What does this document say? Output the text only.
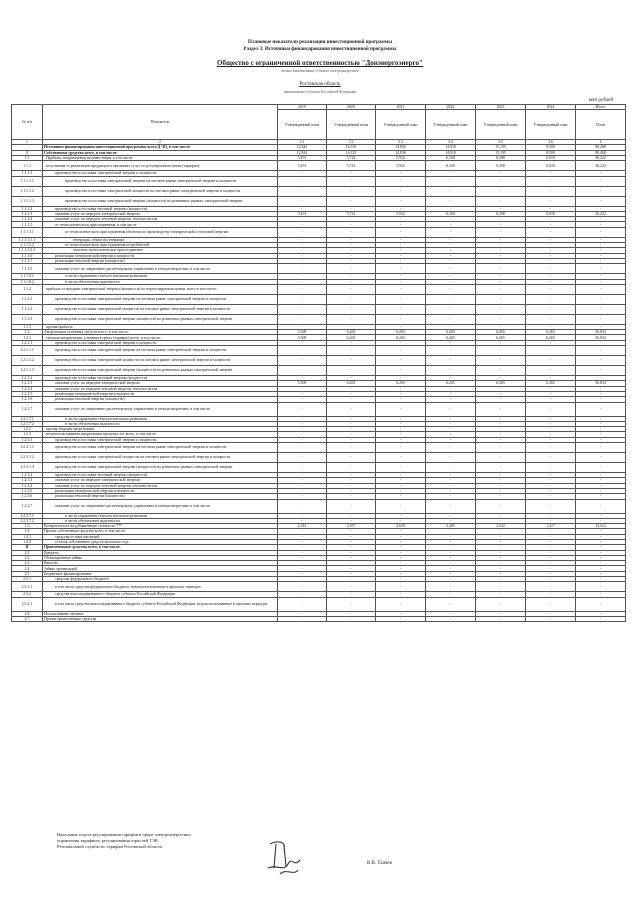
Плановые показатели реализации инвестиционной программы
Раздел 3. Источники финансирования инвестиционной программы
Общество с ограниченной ответственностью "Донэнергоэнерго"
полное наименование субъекта электроэнергетики
Ростовская область
наименование субъекта Российской Федерации
млн рублей
№ п/п	Показатель	2019	2020	2021	2022	2023	2024	Итого
		Утвержденный план	Утвержденный план	Утвержденный план	Утвержденный план	Утвержденный план	Утвержденный план	План
1	2	3.1	3.2	3.3	3.4	3.5	3.6	4
	Источники финансирования инвестиционной программы всего (I+II), в том числе:	12,842	14,335	14,836	14,910	15,195	8,500	80,468
I	Собственные средства всего, в том числе:	12,842	14,335	14,836	14,910	15,195	8,500	80,468
1.1	Прибыль, направляемая на инвестиции, в том числе:	5,491	5,723	5,932	6,169	6,398	0,818	30,222
1.1.1	полученная от реализации продукции и оказанных услуг по регулируемым ценам (тарифам):	5,491	5,723	5,932	6,169	6,398	0,818	30,222
1.1.1.1	производство и поставка электрической энергии и мощности	-	-	-	-	-	-	-
1.1.1.1.1	производство и поставка электрической энергии на оптовом рынке электрической энергии и мощности	-	-	-	-	-	-	-
1.1.1.1.2	производство и поставка электрической мощности на оптовом рынке электрической энергии и мощности	-	-	-	-	-	-	-
1.1.1.1.3	производство и поставка электрической энергии (мощности) на розничных рынках электрической энергии	-	-	-	-	-	-	-
1.1.1.2	производство и поставка тепловой энергии (мощности)	-	-	-	-	-	-	-
1.1.1.3	оказание услуг по передаче электрической энергии	5,491	5,723	5,932	6,169	6,398	0,818	30,222
1.1.1.4	оказание услуг по передаче тепловой энергии, теплоносителя	-	-	-	-	-	-	-
1.1.1.5	от технологического присоединения, в том числе	-	-	-	-	-	-	-
1.1.1.5.1	от технологического присоединения объектов по производству электрической и тепловой энергии	-	-	-	-	-	-	-
1.1.1.5.1.1	генерация, объектов генерации	-	-	-	-	-	-	-
1.1.1.5.2	от технологического присоединения потребителей	-	-	-	-	-	-	-
1.1.1.5.2.1	льготное технологическое присоединение	-	-	-	-	-	-	-
1.1.1.6	реализация электрической энергии и мощности	-	-	-	-	-	-	-
1.1.1.7	реализация тепловой энергии (мощности)	-	-	-	-	-	-	-
1.1.1.8	оказание услуг по оперативно-диспетчерскому управлению в электроэнергетике, в том числе:	-	-	-	-	-	-	-
1.1.1.8.1	в части управления технологическими режимами	-	-	-	-	-	-	-
1.1.1.8.2	в части обеспечения надежности	-	-	-	-	-	-	-
1.1.2	прибыль от продажи электрической энергии (мощности) по нерегулируемым ценам, всего в том числе:	-	-	-	-	-	-	-
1.1.2.1	производство и поставка электрической энергии на оптовом рынке электрической энергии и мощности	-	-	-	-	-	-	-
1.1.2.2	производство и поставка электрической мощности на оптовом рынке электрической энергии и мощности	-	-	-	-	-	-	-
1.1.2.3	производство и поставка электрической энергии (мощности) на розничных рынках электрической энергии	-	-	-	-	-	-	-
1.1.3	прочая прибыль	-	-	-	-	-	-	-
1.2	Амортизация основных средств всего, в том числе:	5,509	6,265	6,265	6,265	6,265	6,265	36,834
1.2.1	текущая амортизация, учтенная в ценах (тарифах) всего, в том числе:	5,509	6,265	6,265	6,265	6,265	6,265	36,834
1.2.1.1	производство и поставка электрической энергии и мощности	-	-	-	-	-	-	-
1.2.1.1.1	производство и поставка электрической энергии на оптовом рынке электрической энергии и мощности	-	-	-	-	-	-	-
1.2.1.1.2	производство и поставка электрической мощности на оптовом рынке электрической энергии и мощности	-	-	-	-	-	-	-
1.2.1.1.3	производство и поставка электрической энергии (мощности) на розничных рынках электрической энергии	-	-	-	-	-	-	-
1.2.1.2	производство и поставка тепловой энергии (мощности)	-	-	-	-	-	-	-
1.2.1.3	оказание услуг по передаче электрической энергии	5,509	6,265	6,265	6,265	6,265	6,265	36,834
1.2.1.4	оказание услуг по передаче тепловой энергии, теплоносителя	-	-	-	-	-	-	-
1.2.1.5	реализация электрической энергии и мощности	-	-	-	-	-	-	-
1.2.1.6	реализация тепловой энергии (мощности)	-	-	-	-	-	-	-
1.2.1.7	оказание услуг по оперативно-диспетчерскому управлению в электроэнергетике, в том числе:	-	-	-	-	-	-	-
1.2.1.7.1	в части управления технологическими режимами	-	-	-	-	-	-	-
1.2.1.7.2	в части обеспечения надежности	-	-	-	-	-	-	-
1.2.2	прочая текущая амортизация	-	-	-	-	-	-	-
1.2.3	недоиспользованная амортизация прошлых лет всего, в том числе:	-	-	-	-	-	-	-
1.2.3.1	производство и поставка электрической энергии и мощности	-	-	-	-	-	-	-
1.2.3.1.1	производство и поставка электрической энергии на оптовом рынке электрической энергии и мощности	-	-	-	-	-	-	-
1.2.3.1.2	производство и поставка электрической мощности на оптовом рынке электрической энергии и мощности	-	-	-	-	-	-	-
1.2.3.1.3	производство и поставка электрической энергии (мощности) на розничных рынках электрической энергии	-	-	-	-	-	-	-
1.2.3.2	производство и поставка тепловой энергии (мощности)	-	-	-	-	-	-	-
1.2.3.3	оказание услуг по передаче электрической энергии	-	-	-	-	-	-	-
1.2.3.4	оказание услуг по передаче тепловой энергии, теплоносителя	-	-	-	-	-	-	-
1.2.3.5	реализация электрической энергии и мощности	-	-	-	-	-	-	-
1.2.3.6	реализация тепловой энергии (мощности)	-	-	-	-	-	-	-
1.2.3.7	оказание услуг по оперативно-диспетчерскому управлению в электроэнергетике, в том числе:	-	-	-	-	-	-	-
1.2.3.7.1	в части управления технологическими режимами	-	-	-	-	-	-	-
1.2.3.7.2	в части обеспечения надежности	-	-	-	-	-	-	-
1.3	Возврат налога на добавленную стоимость ***	2,142	2,397	2,639	2,485	2,532	1,417	13,412
1.4	Прочие собственные средства всего, в том числе:	-	-	-	-	-	-	-
1.4.1	средства от эмиссии акций	-	-	-	-	-	-	-
1.4.2	остаток собственных средств на начало года	-	-	-	-	-	-	-
II	Привлеченные средства всего, в том числе:	-	-	-	-	-	-	-
2.1	Кредиты	-	-	-	-	-	-	-
2.2	Облигационные займы	-	-	-	-	-	-	-
2.3	Вексели	-	-	-	-	-	-	-
2.4	Займы организаций	-	-	-	-	-	-	-
2.5	Бюджетное финансирование	-	-	-	-	-	-	-
2.5.1	средства федерального бюджета	-	-	-	-	-	-	-
2.5.1.1	в том числе средства федерального бюджета, недоиспользованные в прошлых периодах	-	-	-	-	-	-	-
2.5.2	средства консолидированного бюджета субъекта Российской Федерации	-	-	-	-	-	-	-
2.5.2.1	в том числе средства консолидированного бюджета субъекта Российской Федерации, недоиспользованные в прошлых периодах	-	-	-	-	-	-	-
2.6	Использование лизинга	-	-	-	-	-	-	-
2.7	Прочие привлеченные средства	-	-	-	-	-	-	-
Начальник отдела регулирования тарифов в сфере электроэнергетики
управления тарифного регулирования отраслей ТЭК
Региональной службы по тарифам Ростовской области
В.В. Ткачев
